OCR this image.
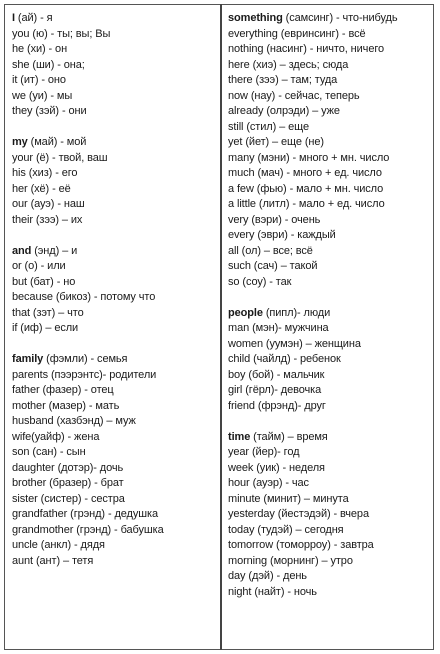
I (ай) - я
you (ю) - ты; вы; Вы
he (хи) - он
she (ши) - она;
it (ит) - оно
we (уи) - мы
they (зэй) - они
my (май) - мой
your (ё) - твой, ваш
his (хиз) - его
her (хё) - её
our (ауэ) - наш
their (зээ) – их
and (энд) – и
or (о) - или
but (бат) - но
because (бикоз) - потому что
that (зэт) – что
if (иф) – если
family (фэмли) - семья
parents (пээрэнтс)- родители
father (фазер) - отец
mother (мазер) - мать
husband (хазбэнд) – муж
wife(уайф) - жена
son (сан) - сын
daughter (дотэр)- дочь
brother (бразер) - брат
sister (систер) - сестра
grandfather (грэнд) - дедушка
grandmother (грэнд) - бабушка
uncle (анкл) - дядя
aunt (ант) – тетя
something (самсинг) - что-нибудь
everything (евринсинг) - всё
nothing (насинг) - ничто, ничего
here (хиэ) – здесь; сюда
there (зээ) – там; туда
now (нау) - сейчас, теперь
already (олрэди) – уже
still (стил) – еще
yet (йет) – еще (не)
many (мэни) - много + мн. число
much (мач) - много + ед. число
a few (фью) - мало + мн. число
a little (литл) - мало + ед. число
very (вэри) - очень
every (эври) - каждый
all (ол) – все; всё
such (сач) – такой
so (соу) - так
people (пипл)- люди
man (мэн)- мужчина
women (уумэн) – женщина
child (чайлд) - ребенок
boy (бой) - мальчик
girl (гёрл)- девочка
friend (фрэнд)- друг
time (тайм) – время
year (йер)- год
week (уик) - неделя
hour (ауэр) - час
minute (минит) – минута
yesterday (йестэдэй) - вчера
today (тудэй) – сегодня
tomorrow (томорроу) - завтра
morning (морнинг) – утро
day (дэй) - день
night (найт) - ночь
